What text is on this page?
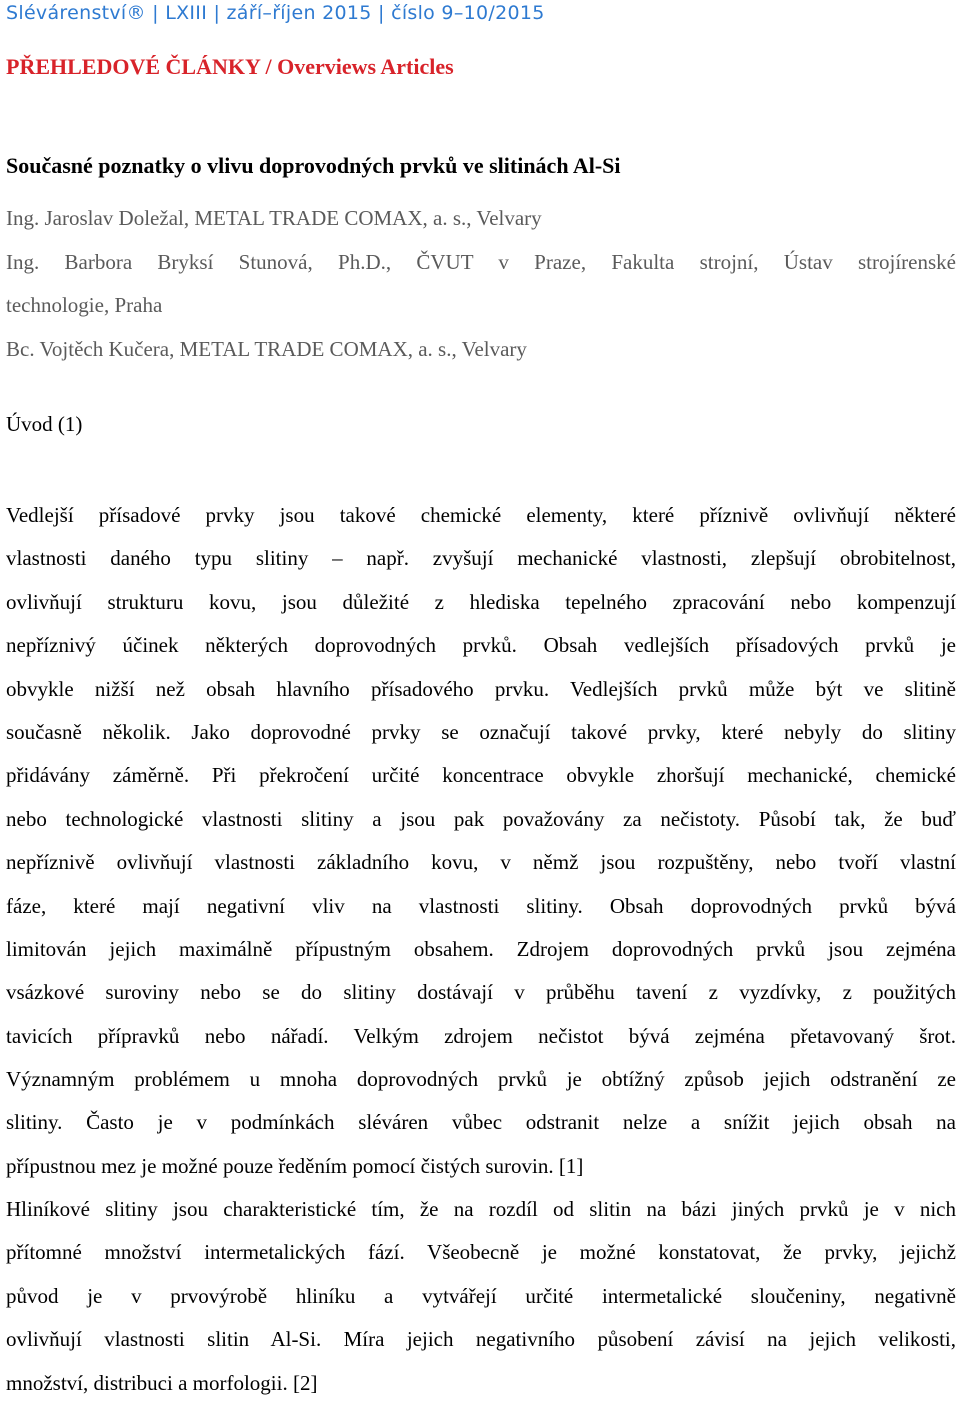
Slévárenství® | LXIII | září–říjen 2015 | číslo 9–10/2015
PŘEHLEDOVÉ ČLÁNKY / Overviews Articles
Současné poznatky o vlivu doprovodných prvků ve slitinách Al-Si
Ing. Jaroslav Doležal, METAL TRADE COMAX, a. s., Velvary
Ing. Barbora Bryksí Stunová, Ph.D., ČVUT v Praze, Fakulta strojní, Ústav strojírenské
technologie, Praha
Bc. Vojtěch Kučera, METAL TRADE COMAX, a. s., Velvary
Úvod (1)
Vedlejší přísadové prvky jsou takové chemické elementy, které příznivě ovlivňují některé
vlastnosti daného typu slitiny – např. zvyšují mechanické vlastnosti, zlepšují obrobitelnost,
ovlivňují strukturu kovu, jsou důležité z hlediska tepelného zpracování nebo kompenzují
nepříznivý účinek některých doprovodných prvků. Obsah vedlejších přísadových prvků je
obvykle nižší než obsah hlavního přísadového prvku. Vedlejších prvků může být ve slitině
současně několik. Jako doprovodné prvky se označují takové prvky, které nebyly do slitiny
přidávány záměrně. Při překročení určité koncentrace obvykle zhoršují mechanické, chemické
nebo technologické vlastnosti slitiny a jsou pak považovány za nečistoty. Působí tak, že buď
nepříznivě ovlivňují vlastnosti základního kovu, v němž jsou rozpuštěny, nebo tvoří vlastní
fáze, které mají negativní vliv na vlastnosti slitiny. Obsah doprovodných prvků bývá
limitován jejich maximálně přípustným obsahem. Zdrojem doprovodných prvků jsou zejména
vsázkové suroviny nebo se do slitiny dostávají v průběhu tavení z vyzdívky, z použitých
tavicích přípravků nebo nářadí. Velkým zdrojem nečistot bývá zejména přetavovaný šrot.
Významným problémem u mnoha doprovodných prvků je obtížný způsob jejich odstranění ze
slitiny. Často je v podmínkách sléváren vůbec odstranit nelze a snížit jejich obsah na
přípustnou mez je možné pouze ředěním pomocí čistých surovin. [1]
Hliníkové slitiny jsou charakteristické tím, že na rozdíl od slitin na bázi jiných prvků je v nich
přítomné množství intermetalických fází. Všeobecně je možné konstatovat, že prvky, jejichž
původ je v prvovýrobě hliníku a vytvářejí určité intermetalické sloučeniny, negativně
ovlivňují vlastnosti slitin Al-Si. Míra jejich negativního působení závisí na jejich velikosti,
množství, distribuci a morfologii. [2]
